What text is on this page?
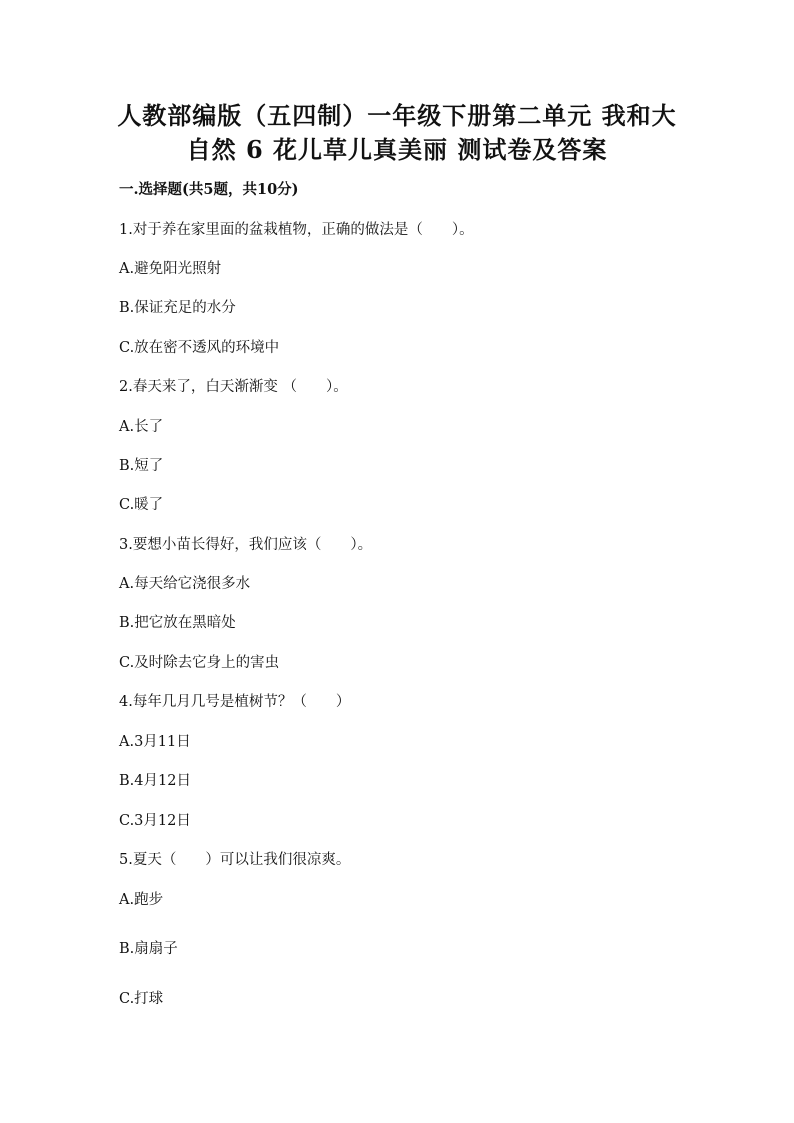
人教部编版（五四制）一年级下册第二单元 我和大
自然 6 花儿草儿真美丽 测试卷及答案
一.选择题(共5题，共10分)
1.对于养在家里面的盆栽植物，正确的做法是（　　）。
A.避免阳光照射
B.保证充足的水分
C.放在密不透风的环境中
2.春天来了，白天渐渐变 （　　）。
A.长了
B.短了
C.暖了
3.要想小苗长得好，我们应该（　　）。
A.每天给它浇很多水
B.把它放在黑暗处
C.及时除去它身上的害虫
4.每年几月几号是植树节？（　　）
A.3月11日
B.4月12日
C.3月12日
5.夏天（　　）可以让我们很凉爽。
A.跑步
B.扇扇子
C.打球
